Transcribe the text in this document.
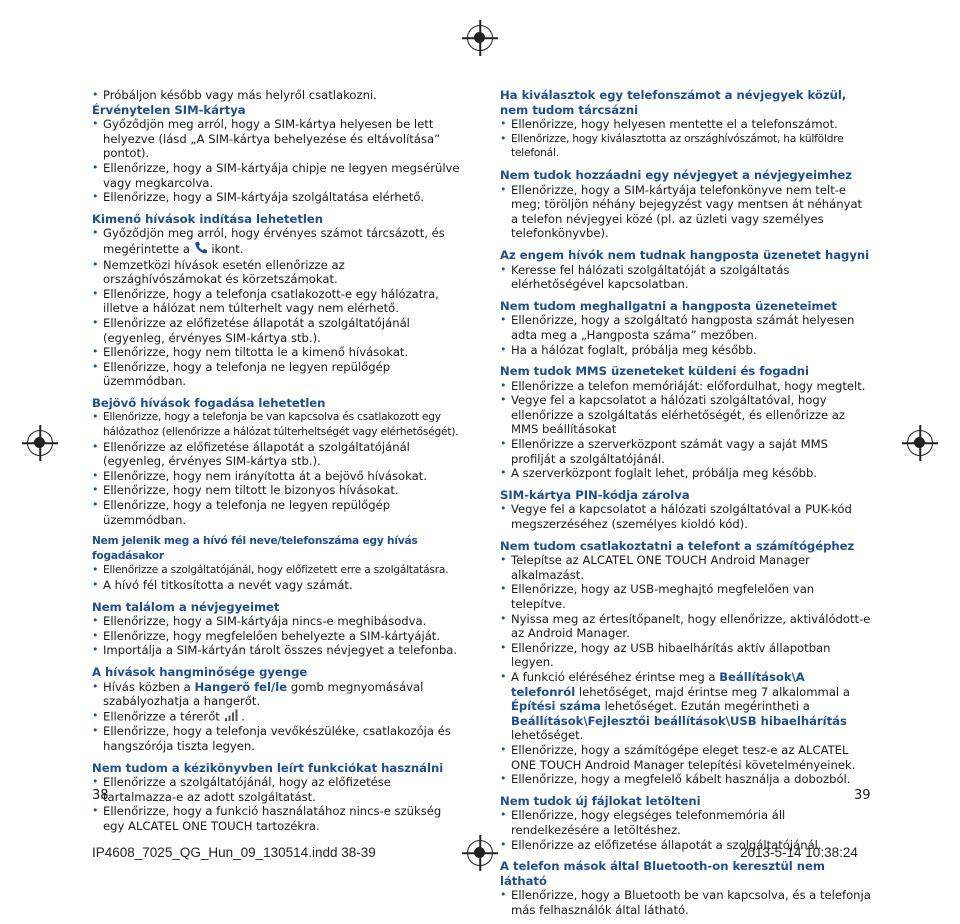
• Próbáljon később vagy más helyről csatlakozni.
Érvénytelen SIM-kártya
• Győződjön meg arról, hogy a SIM-kártya helyesen be lett helyezve (lásd „A SIM-kártya behelyezése és eltávolítása” pontot).
• Ellenőrizze, hogy a SIM-kártyája chipje ne legyen megsérülve vagy megkarcolva.
• Ellenőrizze, hogy a SIM-kártyája szolgáltatása elérhető.
Kimenő hívások indítása lehetetlen
• Győződjön meg arról, hogy érvényes számot tárcsázott, és megérintette a  ikont.
• Nemzetközi hívások esetén ellenőrizze az országhívószámokat és körzetszámokat.
• Ellenőrizze, hogy a telefonja csatlakozott-e egy hálózatra, illetve a hálózat nem túlterhelt vagy nem elérhető.
• Ellenőrizze az előfizetése állapotát a szolgáltatójánál (egyenleg, érvényes SIM-kártya stb.).
• Ellenőrizze, hogy nem tiltotta le a kimenő hívásokat.
• Ellenőrizze, hogy a telefonja ne legyen repülőgép üzemmódban.
Bejövő hívások fogadása lehetetlen
• Ellenőrizze, hogy a telefonja be van kapcsolva és csatlakozott egy hálózathoz (ellenőrizze a hálózat túlterheltségét vagy elérhetőségét).
• Ellenőrizze az előfizetése állapotát a szolgáltatójánál (egyenleg, érvényes SIM-kártya stb.).
• Ellenőrizze, hogy nem irányította át a bejövő hívásokat.
• Ellenőrizze, hogy nem tiltott le bizonyos hívásokat.
• Ellenőrizze, hogy a telefonja ne legyen repülőgép üzemmódban.
Nem jelenik meg a hívó fél neve/telefonszáma egy hívás fogadásakor
• Ellenőrizze a szolgáltatójánál, hogy előfizetett erre a szolgáltatásra.
• A hívó fél titkosította a nevét vagy számát.
Nem találom a névjegyeimet
• Ellenőrizze, hogy a SIM-kártyája nincs-e meghibásodva.
• Ellenőrizze, hogy megfelelően behelyezte a SIM-kártyáját.
• Importálja a SIM-kártyán tárolt összes névjegyet a telefonba.
A hívások hangminősége gyenge
• Hívás közben a Hangerő fel/le gomb megnyomásával szabályozhatja a hangerőt.
• Ellenőrizze a térerőt  .
• Ellenőrizze, hogy a telefonja vevőkészüléke, csatlakozója és hangszórója tiszta legyen.
Nem tudom a kézikönyvben leírt funkciókat használni
• Ellenőrizze a szolgáltatójánál, hogy az előfizetése tartalmazza-e az adott szolgáltatást.
• Ellenőrizze, hogy a funkció használatához nincs-e szükség egy ALCATEL ONE TOUCH tartozékra.
Ha kiválasztok egy telefonszámot a névjegyek közül, nem tudom tárcsázni
• Ellenőrizze, hogy helyesen mentette el a telefonszámot.
• Ellenőrizze, hogy kiválasztotta az országhívószámot, ha külföldre telefonál.
Nem tudok hozzáadni egy névjegyet a névjegyeimhez
• Ellenőrizze, hogy a SIM-kártyája telefonkönyve nem telt-e meg; töröljön néhány bejegyzést vagy mentsen át néhányat a telefon névjegyei közé (pl. az üzleti vagy személyes telefonkönyvbe).
Az engem hívók nem tudnak hangposta üzenetet hagyni
• Keresse fel hálózati szolgáltatóját a szolgáltatás elérhetőségével kapcsolatban.
Nem tudom meghallgatni a hangposta üzeneteimet
• Ellenőrizze, hogy a szolgáltató hangposta számát helyesen adta meg a „Hangposta száma” mezőben.
• Ha a hálózat foglalt, próbálja meg később.
Nem tudok MMS üzeneteket küldeni és fogadni
• Ellenőrizze a telefon memóriáját: előfordulhat, hogy megtelt.
• Vegye fel a kapcsolatot a hálózati szolgáltatóval, hogy ellenőrizze a szolgáltatás elérhetőségét, és ellenőrizze az MMS beállításokat
• Ellenőrizze a szerverközpont számát vagy a saját MMS profilját a szolgáltatójánál.
• A szerverközpont foglalt lehet, próbálja meg később.
SIM-kártya PIN-kódja zárolva
• Vegye fel a kapcsolatot a hálózati szolgáltatóval a PUK-kód megszerzéséhez (személyes kioldó kód).
Nem tudom csatlakoztatni a telefont a számítógéphez
• Telepítse az ALCATEL ONE TOUCH Android Manager alkalmazást.
• Ellenőrizze, hogy az USB-meghajtó megfelelően van telepítve.
• Nyissa meg az értesítőpanelt, hogy ellenőrizze, aktiválódott-e az Android Manager.
• Ellenőrizze, hogy az USB hibaelhárítás aktív állapotban legyen.
• A funkció eléréséhez érintse meg a Beállítások\A telefonról lehetőséget, majd érintse meg 7 alkalommal a Építési száma lehetőséget. Ezután megérintheti a Beállítások\Fejlesztői beállítások\USB hibaelhárítás lehetőséget.
• Ellenőrizze, hogy a számítógépe eleget tesz-e az ALCATEL ONE TOUCH Android Manager telepítési követelményeinek.
• Ellenőrizze, hogy a megfelelő kábelt használja a dobozból.
Nem tudok új fájlokat letölteni
• Ellenőrizze, hogy elegséges telefonmemória áll rendelkezésére a letöltéshez.
• Ellenőrizze az előfizetése állapotát a szolgáltatójánál.
A telefon mások által Bluetooth-on keresztül nem látható
• Ellenőrizze, hogy a Bluetooth be van kapcsolva, és a telefonja más felhasználók által látható.
38	39
IP4608_7025_QG_Hun_09_130514.indd 38-39	2013-5-14 10:38:24
